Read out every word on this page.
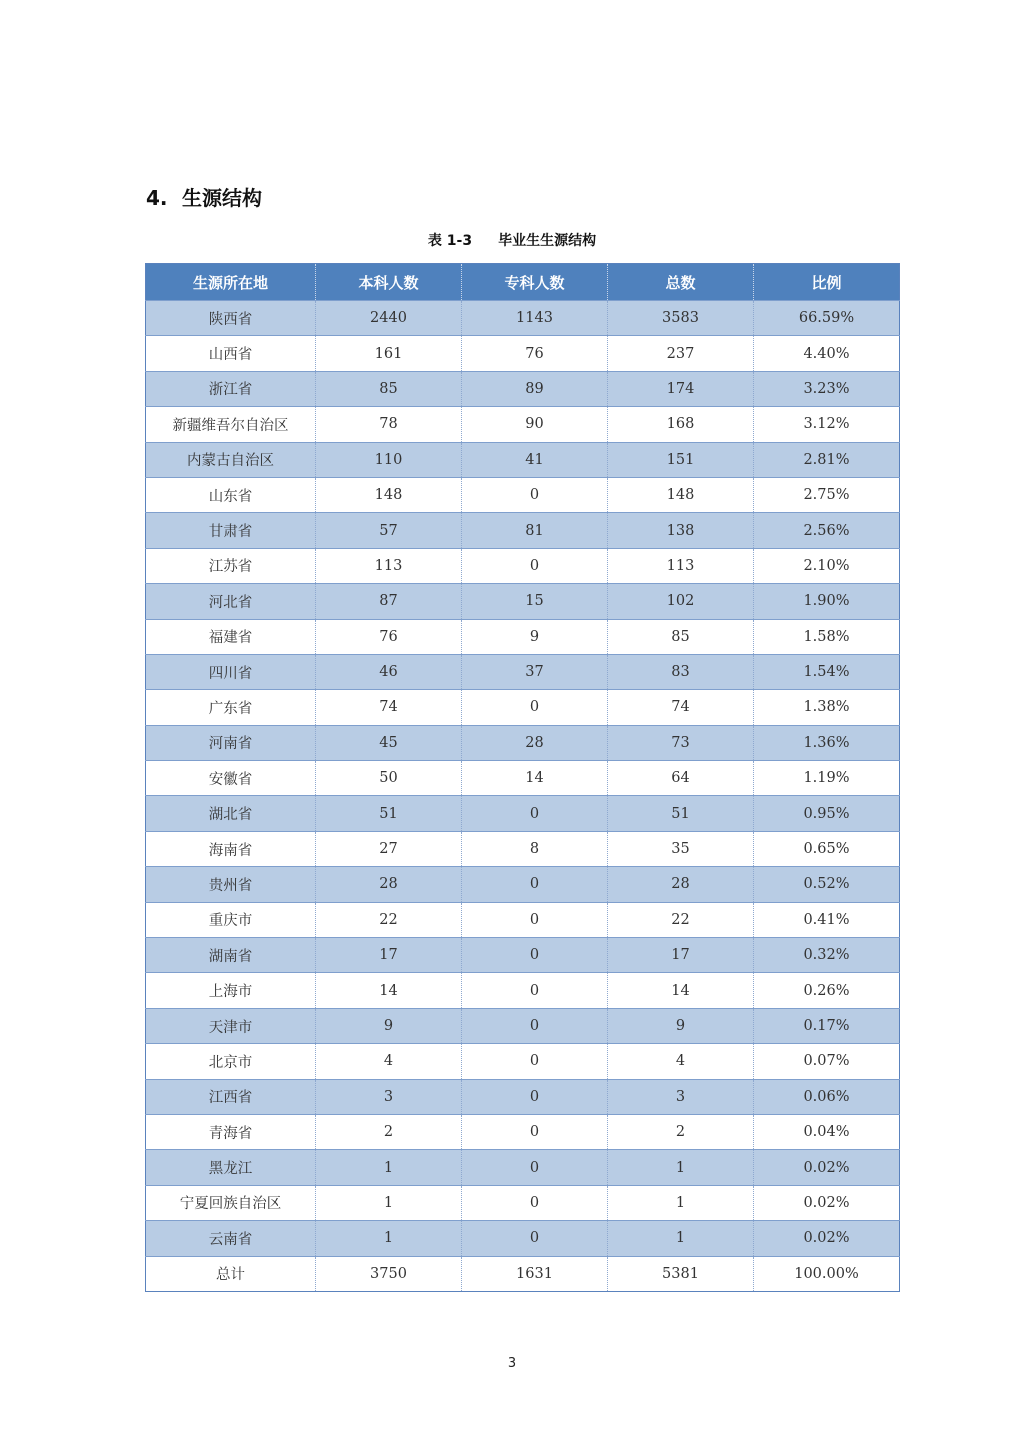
4. 生源结构
表 1-3 毕业生生源结构
生源所在地	本科人数	专科人数	总数	比例
陕西省	2440	1143	3583	66.59%
山西省	161	76	237	4.40%
浙江省	85	89	174	3.23%
新疆维吾尔自治区	78	90	168	3.12%
内蒙古自治区	110	41	151	2.81%
山东省	148	0	148	2.75%
甘肃省	57	81	138	2.56%
江苏省	113	0	113	2.10%
河北省	87	15	102	1.90%
福建省	76	9	85	1.58%
四川省	46	37	83	1.54%
广东省	74	0	74	1.38%
河南省	45	28	73	1.36%
安徽省	50	14	64	1.19%
湖北省	51	0	51	0.95%
海南省	27	8	35	0.65%
贵州省	28	0	28	0.52%
重庆市	22	0	22	0.41%
湖南省	17	0	17	0.32%
上海市	14	0	14	0.26%
天津市	9	0	9	0.17%
北京市	4	0	4	0.07%
江西省	3	0	3	0.06%
青海省	2	0	2	0.04%
黑龙江	1	0	1	0.02%
宁夏回族自治区	1	0	1	0.02%
云南省	1	0	1	0.02%
总计	3750	1631	5381	100.00%
3
